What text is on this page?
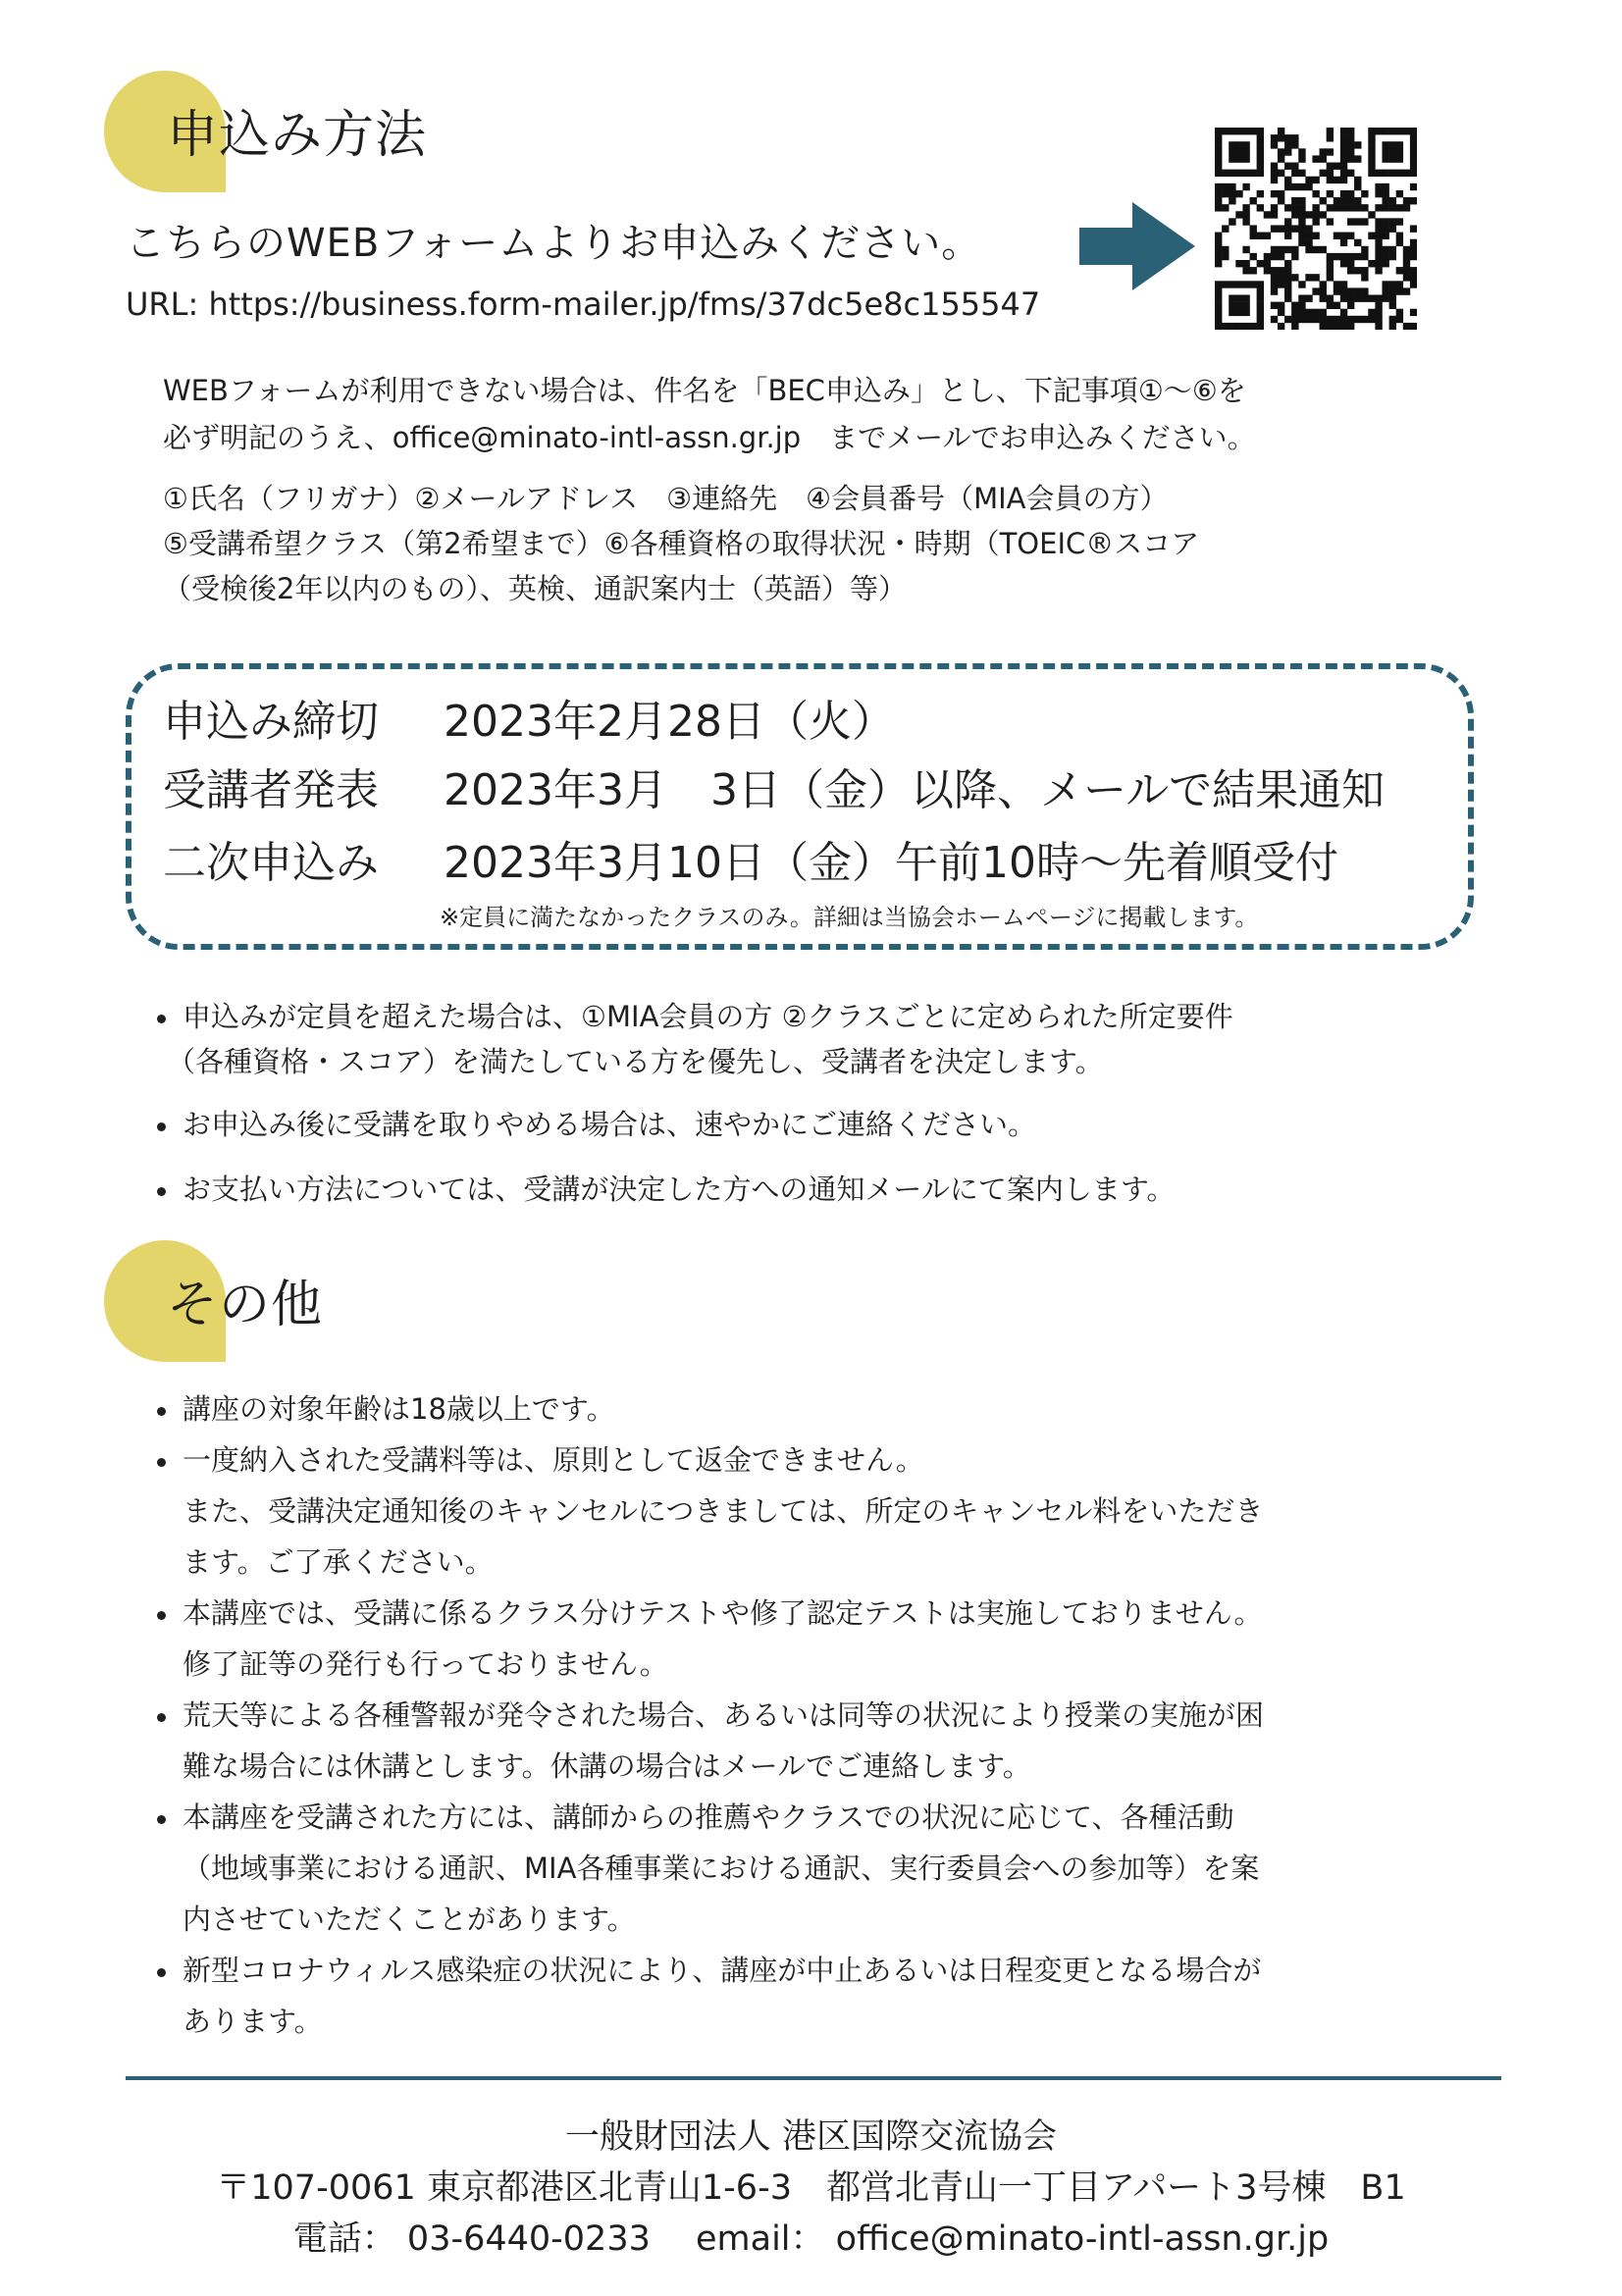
申込み方法
こちらのWEBフォームよりお申込みください。
URL: https://business.form-mailer.jp/fms/37dc5e8c155547
WEBフォームが利用できない場合は、件名を「BEC申込み」とし、下記事項①～⑥を
必ず明記のうえ、office@minato-intl-assn.gr.jp　までメールでお申込みください。
①氏名（フリガナ）②メールアドレス　③連絡先　④会員番号（MIA会員の方）
⑤受講希望クラス（第2希望まで）⑥各種資格の取得状況・時期（TOEIC®スコア
（受検後2年以内のもの）、英検、通訳案内士（英語）等）
申込み締切 2023年2月28日（火）
受講者発表 2023年3月　3日（金）以降、メールで結果通知
二次申込み 2023年3月10日（金）午前10時～先着順受付
※定員に満たなかったクラスのみ。詳細は当協会ホームページに掲載します。
申込みが定員を超えた場合は、①MIA会員の方 ②クラスごとに定められた所定要件
（各種資格・スコア）を満たしている方を優先し、受講者を決定します。
お申込み後に受講を取りやめる場合は、速やかにご連絡ください。
お支払い方法については、受講が決定した方への通知メールにて案内します。
その他
講座の対象年齢は18歳以上です。
一度納入された受講料等は、原則として返金できません。
また、受講決定通知後のキャンセルにつきましては、所定のキャンセル料をいただき
ます。ご了承ください。
本講座では、受講に係るクラス分けテストや修了認定テストは実施しておりません。
修了証等の発行も行っておりません。
荒天等による各種警報が発令された場合、あるいは同等の状況により授業の実施が困
難な場合には休講とします。休講の場合はメールでご連絡します。
本講座を受講された方には、講師からの推薦やクラスでの状況に応じて、各種活動
（地域事業における通訳、MIA各種事業における通訳、実行委員会への参加等）を案
内させていただくことがあります。
新型コロナウィルス感染症の状況により、講座が中止あるいは日程変更となる場合が
あります。
一般財団法人 港区国際交流協会
〒107-0061 東京都港区北青山1-6-3　都営北青山一丁目アパート3号棟　B1
電話： 03-6440-0233　 email： office@minato-intl-assn.gr.jp
